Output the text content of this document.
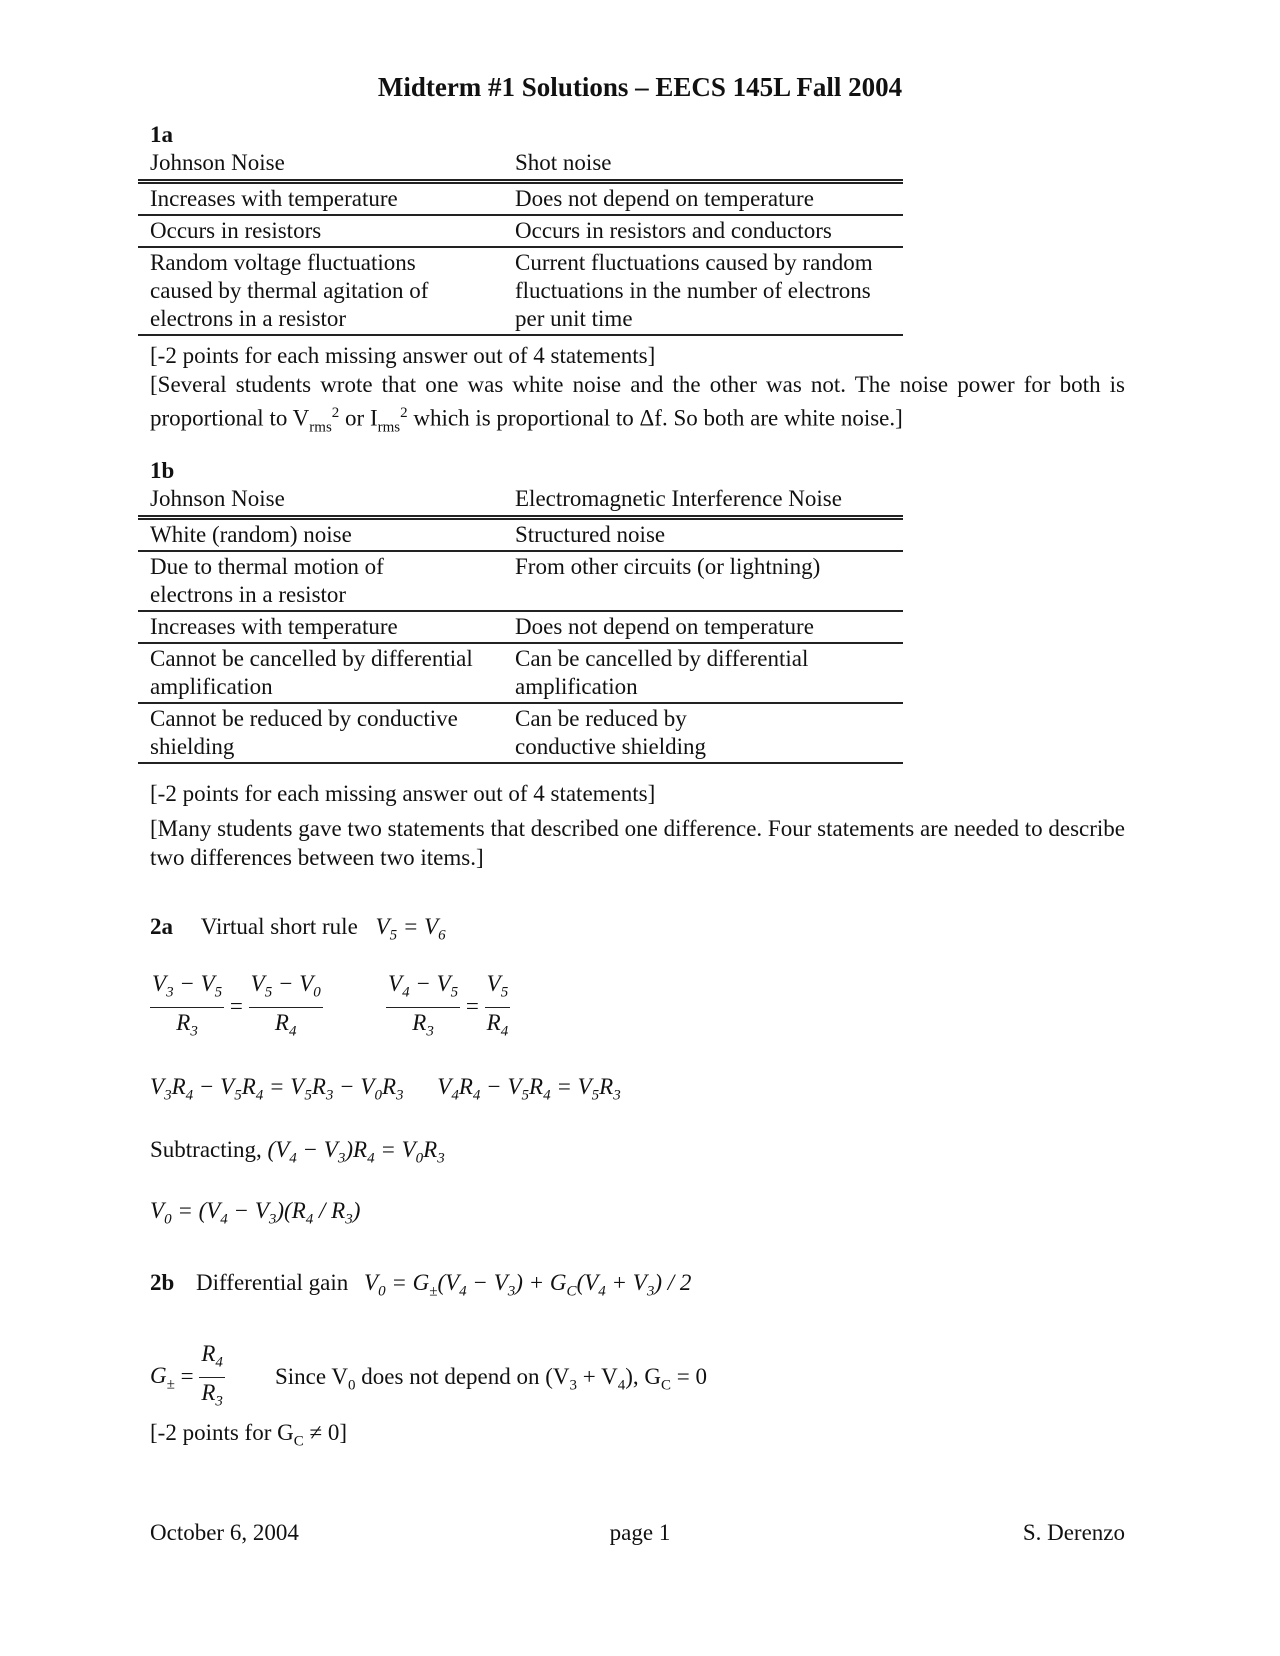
Midterm #1 Solutions – EECS 145L Fall 2004
1a
Johnson Noise	Shot noise
Increases with temperature	Does not depend on temperature
Occurs in resistors	Occurs in resistors and conductors
Random voltage fluctuations caused by thermal agitation of electrons in a resistor	Current fluctuations caused by random fluctuations in the number of electrons per unit time
[-2 points for each missing answer out of 4 statements]
[Several students wrote that one was white noise and the other was not. The noise power for both is proportional to $V_{rms}^2$ or $I_{rms}^2$ which is proportional to Δf. So both are white noise.]
1b
Johnson Noise	Electromagnetic Interference Noise
White (random) noise	Structured noise
Due to thermal motion of electrons in a resistor	From other circuits (or lightning)
Increases with temperature	Does not depend on temperature
Cannot be cancelled by differential amplification	Can be cancelled by differential amplification
Cannot be reduced by conductive shielding	Can be reduced by conductive shielding
[-2 points for each missing answer out of 4 statements]
[Many students gave two statements that described one difference. Four statements are needed to describe two differences between two items.]
2a Virtual short rule $V_5 = V_6$
$\frac{V_3 - V_5}{R_3} = \frac{V_5 - V_0}{R_4}$	$\frac{V_4 - V_5}{R_3} = \frac{V_5}{R_4}$
$V_3R_4 - V_5R_4 = V_5R_3 - V_0R_3$ $V_4R_4 - V_5R_4 = V_5R_3$
Subtracting, $(V_4 - V_3)R_4 = V_0R_3$
$V_0 = (V_4 - V_3)(R_4 / R_3)$
2b Differential gain $V_0 = G_\pm(V_4 - V_3) + G_C(V_4 + V_3) / 2$
$G_\pm = \frac{R_4}{R_3}$ Since $V_0$ does not depend on $(V_3 + V_4)$, $G_C = 0$
[-2 points for $G_C \ne 0$]
October 6, 2004	page 1	S. Derenzo
